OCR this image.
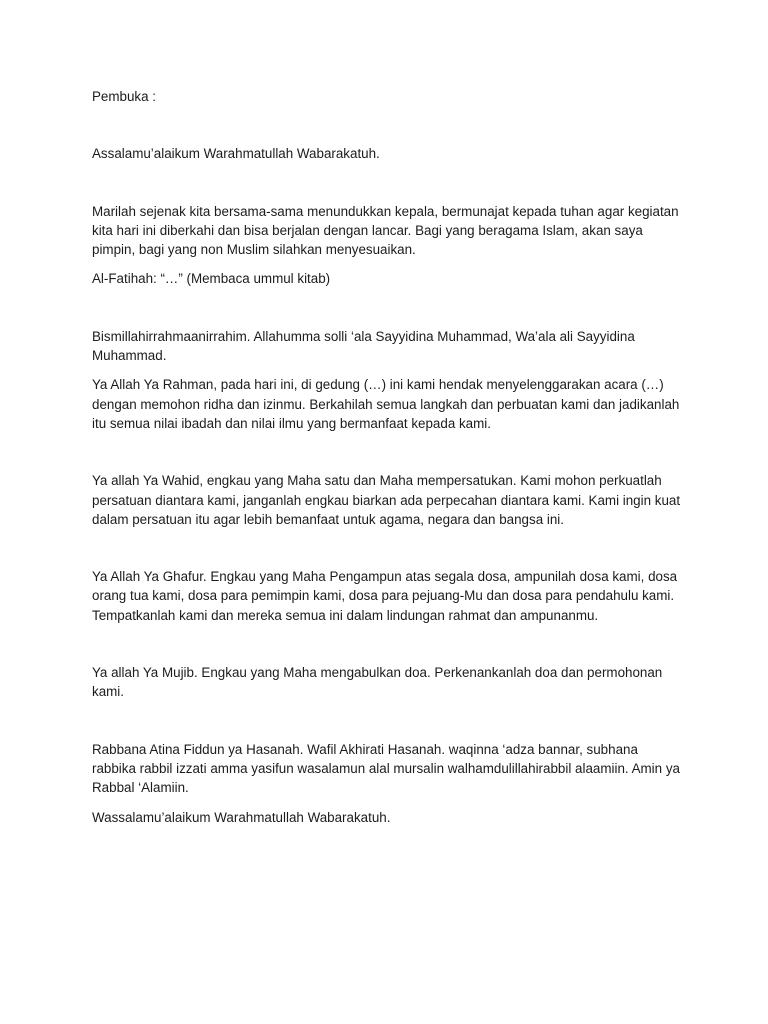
Pembuka :

Assalamu’alaikum Warahmatullah Wabarakatuh.

Marilah sejenak kita bersama-sama menundukkan kepala, bermunajat kepada tuhan agar kegiatan kita hari ini diberkahi dan bisa berjalan dengan lancar. Bagi yang beragama Islam, akan saya pimpin, bagi yang non Muslim silahkan menyesuaikan.

Al-Fatihah: “…” (Membaca ummul kitab)

Bismillahirrahmaanirrahim. Allahumma solli ‘ala Sayyidina Muhammad, Wa’ala ali Sayyidina Muhammad.

Ya Allah Ya Rahman, pada hari ini, di gedung (…) ini kami hendak menyelenggarakan acara (…) dengan memohon ridha dan izinmu. Berkahilah semua langkah dan perbuatan kami dan jadikanlah itu semua nilai ibadah dan nilai ilmu yang bermanfaat kepada kami.

Ya allah Ya Wahid, engkau yang Maha satu dan Maha mempersatukan. Kami mohon perkuatlah persatuan diantara kami, janganlah engkau biarkan ada perpecahan diantara kami. Kami ingin kuat dalam persatuan itu agar lebih bemanfaat untuk agama, negara dan bangsa ini.

Ya Allah Ya Ghafur. Engkau yang Maha Pengampun atas segala dosa, ampunilah dosa kami, dosa orang tua kami, dosa para pemimpin kami, dosa para pejuang-Mu dan dosa para pendahulu kami. Tempatkanlah kami dan mereka semua ini dalam lindungan rahmat dan ampunanmu.

Ya allah Ya Mujib. Engkau yang Maha mengabulkan doa. Perkenankanlah doa dan permohonan kami.

Rabbana Atina Fiddun ya Hasanah. Wafil Akhirati Hasanah. waqinna ‘adza bannar, subhana rabbika rabbil izzati amma yasifun wasalamun alal mursalin walhamdulillahirabbil alaamiin. Amin ya Rabbal ‘Alamiin.

Wassalamu’alaikum Warahmatullah Wabarakatuh.
